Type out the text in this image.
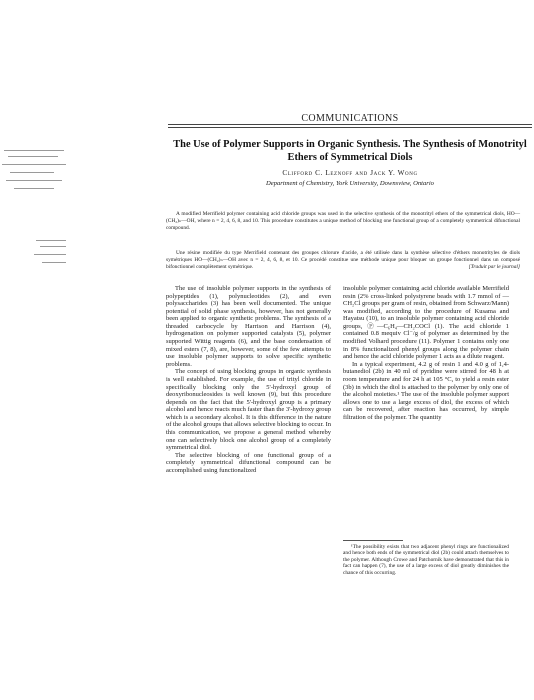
COMMUNICATIONS
The Use of Polymer Supports in Organic Synthesis. The Synthesis of Monotrityl Ethers of Symmetrical Diols
Clifford C. Leznoff and Jack Y. Wong
Department of Chemistry, York University, Downsview, Ontario
A modified Merrifield polymer containing acid chloride groups was used in the selective synthesis of the monotrityl ethers of the symmetrical diols, HO—(CH₂)ₙ—OH, where n = 2, 4, 6, 8, and 10. This procedure constitutes a unique method of blocking one functional group of a completely symmetrical difunctional compound.
Une résine modifiée du type Merrifield contenant des groupes chlorure d'acide, a été utilisée dans la synthèse sélective d'éthers monotrityles de diols symétriques HO—(CH₂)ₙ—OH avec n = 2, 4, 6, 8, et 10. Ce procédé constitue une méthode unique pour bloquer un groupe fonctionnel dans un composé bifonctionnel complètement symétrique.	[Traduit par le journal]

The use of insoluble polymer supports in the synthesis of polypeptides (1), polynucleotides (2), and even polysaccharides (3) has been well documented. The unique potential of solid phase synthesis, however, has not generally been applied to organic synthetic problems. The synthesis of a threaded carbocycle by Harrison and Harrison (4), hydrogenation on polymer supported catalysts (5), polymer supported Wittig reagents (6), and the base condensation of mixed esters (7, 8), are, however, some of the few attempts to use insoluble polymer supports to solve specific synthetic problems.

The concept of using blocking groups in organic synthesis is well established. For example, the use of trityl chloride in specifically blocking only the 5'-hydroxyl group of deoxyribonucleosides is well known (9), but this procedure depends on the fact that the 5'-hydroxyl group is a primary alcohol and hence reacts much faster than the 3'-hydroxy group which is a secondary alcohol. It is this difference in the nature of the alcohol groups that allows selective blocking to occur. In this communication, we propose a general method whereby one can selectively block one alcohol group of a completely symmetrical diol.

The selective blocking of one functional group of a completely symmetrical difunctional compound can be accomplished using functionalized

insoluble polymer containing acid chloride available Merrifield resin (2% cross-linked polystyrene beads with 1.7 mmol of —CH₂Cl groups per gram of resin, obtained from Schwarz/Mann) was modified, according to the procedure of Kusama and Hayatsu (10), to an insoluble polymer containing acid chloride groups, Ⓟ—C₆H₄—CH₂COCl (1). The acid chloride 1 contained 0.8 mequiv Cl⁻/g of polymer as determined by the modified Volhard procedure (11). Polymer 1 contains only one in 8% functionalized phenyl groups along the polymer chain and hence the acid chloride polymer 1 acts as a dilute reagent.

In a typical experiment, 4.2 g of resin 1 and 4.0 g of 1,4-butanediol (2b) in 40 ml of pyridine were stirred for 48 h at room temperature and for 24 h at 105 °C, to yield a resin ester (3b) in which the diol is attached to the polymer by only one of the alcohol moieties.¹ The use of the insoluble polymer support allows one to use a large excess of diol, the excess of which can be recovered, after reaction has occurred, by simple filtration of the polymer. The quantity

¹The possibility exists that two adjacent phenyl rings are functionalized and hence both ends of the symmetrical diol (2b) could attach themselves to the polymer. Although Crowe and Patchornik have demonstrated that this in fact can happen (7), the use of a large excess of diol greatly diminishes the chance of this occurring.
